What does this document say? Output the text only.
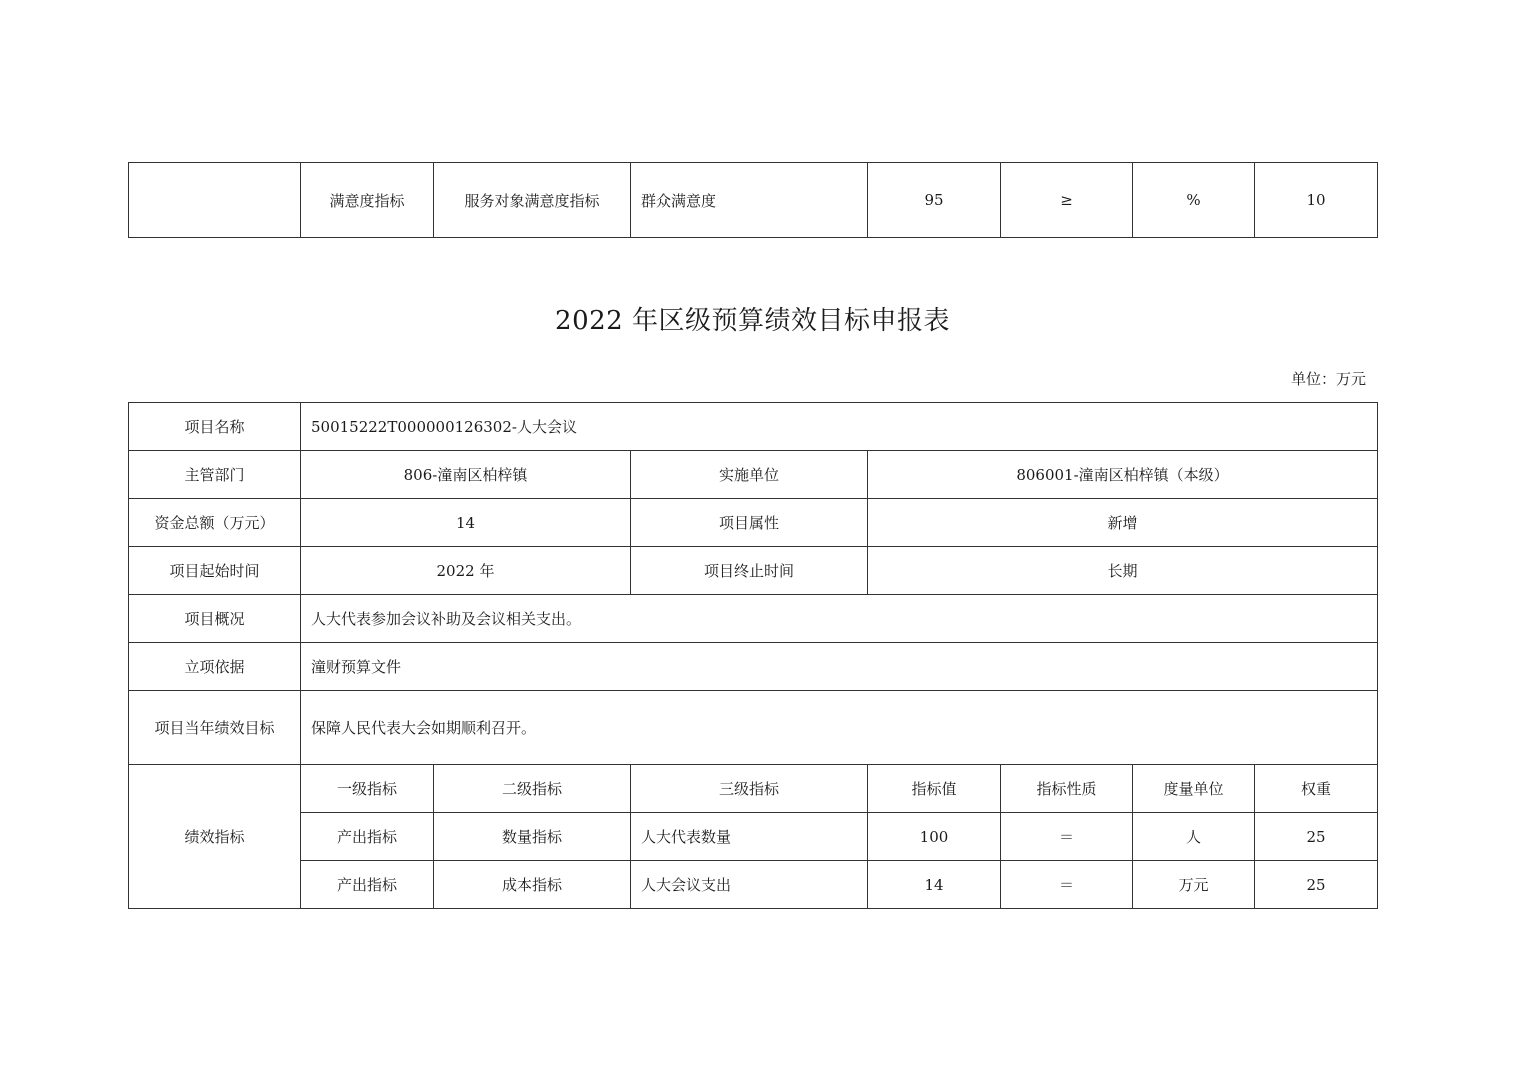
	满意度指标	服务对象满意度指标	群众满意度	95	≥	%	10
2022 年区级预算绩效目标申报表
单位：万元
项目名称	50015222T000000126302-人大会议						
主管部门	806-潼南区柏梓镇		实施单位	806001-潼南区柏梓镇（本级）			
资金总额（万元）	14		项目属性	新增			
项目起始时间	2022 年		项目终止时间	长期			
项目概况	人大代表参加会议补助及会议相关支出。						
立项依据	潼财预算文件						
项目当年绩效目标	保障人民代表大会如期顺利召开。						
绩效指标	一级指标	二级指标	三级指标	指标值	指标性质	度量单位	权重
	产出指标	数量指标	人大代表数量	100	＝	人	25
	产出指标	成本指标	人大会议支出	14	＝	万元	25
